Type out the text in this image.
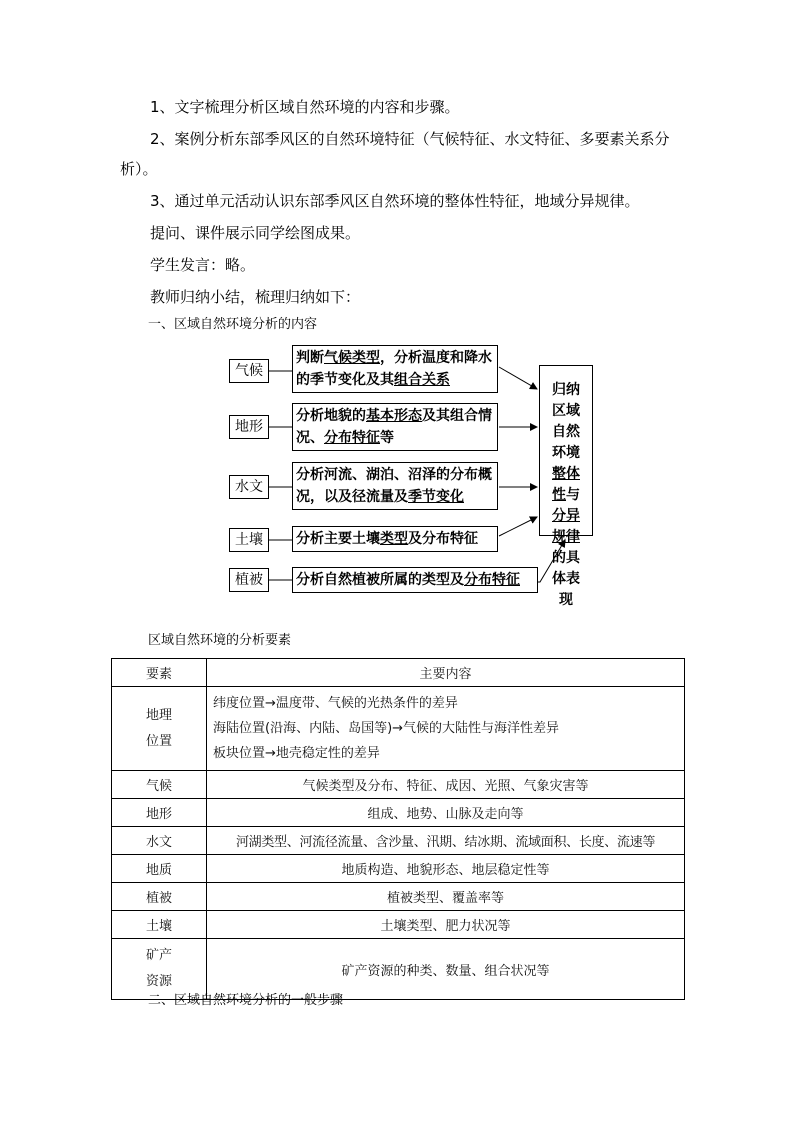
1、文字梳理分析区域自然环境的内容和步骤。

2、案例分析东部季风区的自然环境特征（气候特征、水文特征、多要素关系分析）。

3、通过单元活动认识东部季风区自然环境的整体性特征，地域分异规律。

提问、课件展示同学绘图成果。

学生发言：略。

教师归纳小结，梳理归纳如下：

一、区域自然环境分析的内容

气候
地形
水文
土壤
植被
判断气候类型，分析温度和降水的季节变化及其组合关系
分析地貌的基本形态及其组合情况、分布特征等
分析河流、湖泊、沼泽的分布概况，以及径流量及季节变化
分析主要土壤类型及分布特征
分析自然植被所属的类型及分布特征
归纳区域自然环境整体性与分异规律的具体表现

区域自然环境的分析要素

要素	主要内容

地理位置	纬度位置→温度带、气候的光热条件的差异
海陆位置(沿海、内陆、岛国等)→气候的大陆性与海洋性差异
板块位置→地壳稳定性的差异

气候	气候类型及分布、特征、成因、光照、气象灾害等
地形	组成、地势、山脉及走向等
水文	河湖类型、河流径流量、含沙量、汛期、结冰期、流域面积、长度、流速等
地质	地质构造、地貌形态、地层稳定性等
植被	植被类型、覆盖率等
土壤	土壤类型、肥力状况等

矿产资源	矿产资源的种类、数量、组合状况等

二、区域自然环境分析的一般步骤
